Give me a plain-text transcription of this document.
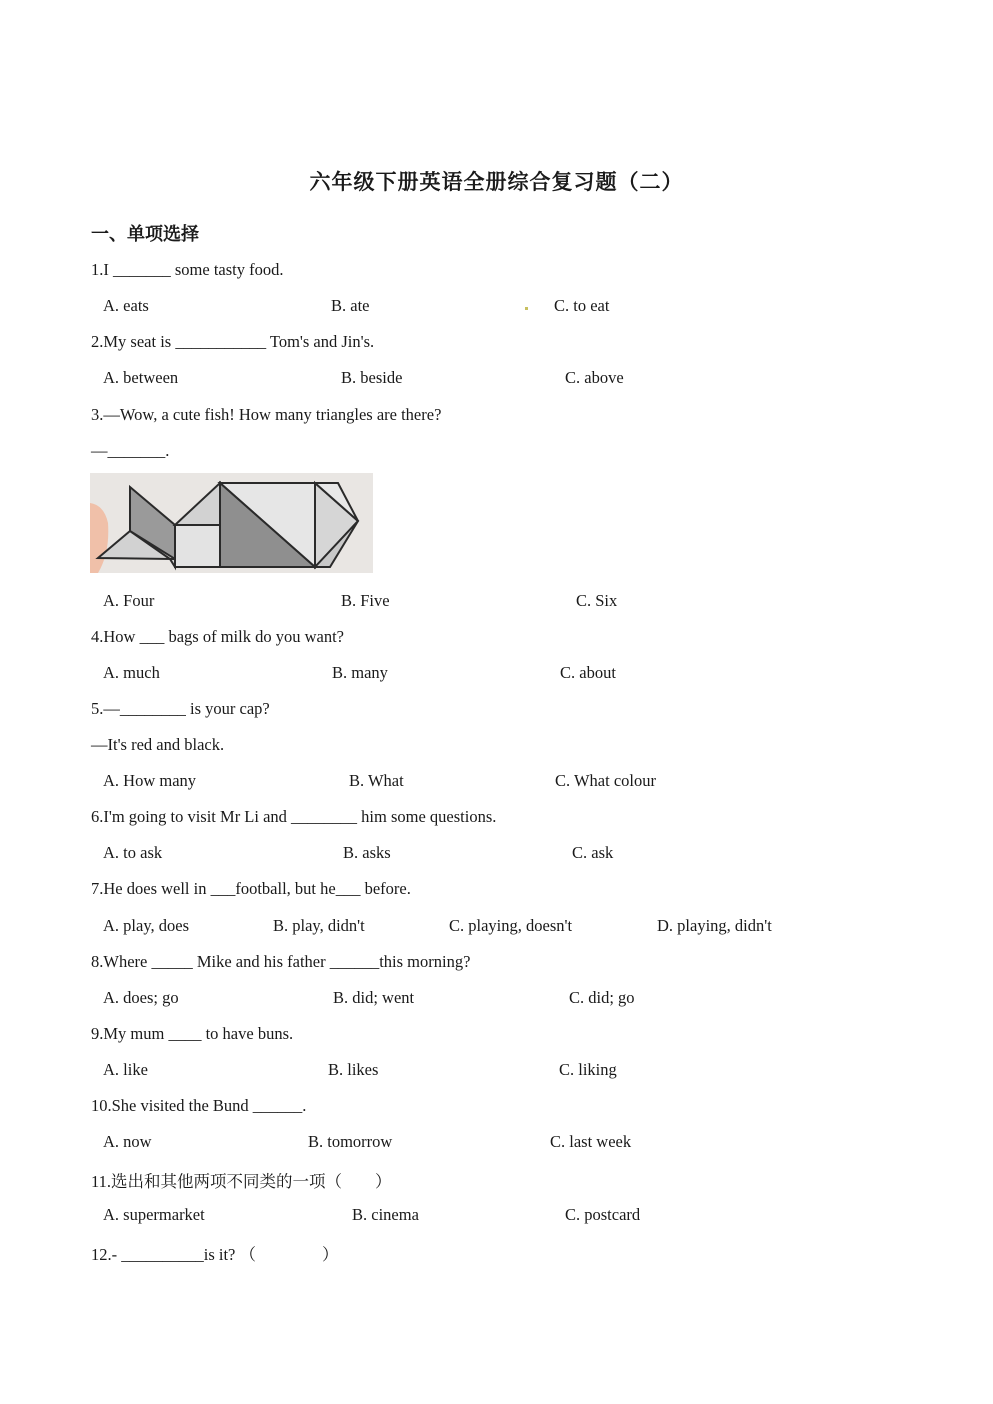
六年级下册英语全册综合复习题（二）
一、单项选择
1.I _______ some tasty food.
A. eats	B. ate	C. to eat
2.My seat is ___________ Tom's and Jin's.
A. between	B. beside	C. above
3.—Wow, a cute fish! How many triangles are there?
—_______.
A. Four	B. Five	C. Six
4.How ___ bags of milk do you want?
A. much	B. many	C. about
5.—________ is your cap?
—It's red and black.
A. How many	B. What	C. What colour
6.I'm going to visit Mr Li and ________ him some questions.
A. to ask	B. asks	C. ask
7.He does well in ___football, but he___ before.
A. play, does	B. play, didn't	C. playing, doesn't	D. playing, didn't
8.Where _____ Mike and his father ______this morning?
A. does; go	B. did; went	C. did; go
9.My mum ____ to have buns.
A. like	B. likes	C. liking
10.She visited the Bund ______.
A. now	B. tomorrow	C. last week
11.选出和其他两项不同类的一项（　　）
A. supermarket	B. cinema	C. postcard
12.- __________is it? （　　　　）
